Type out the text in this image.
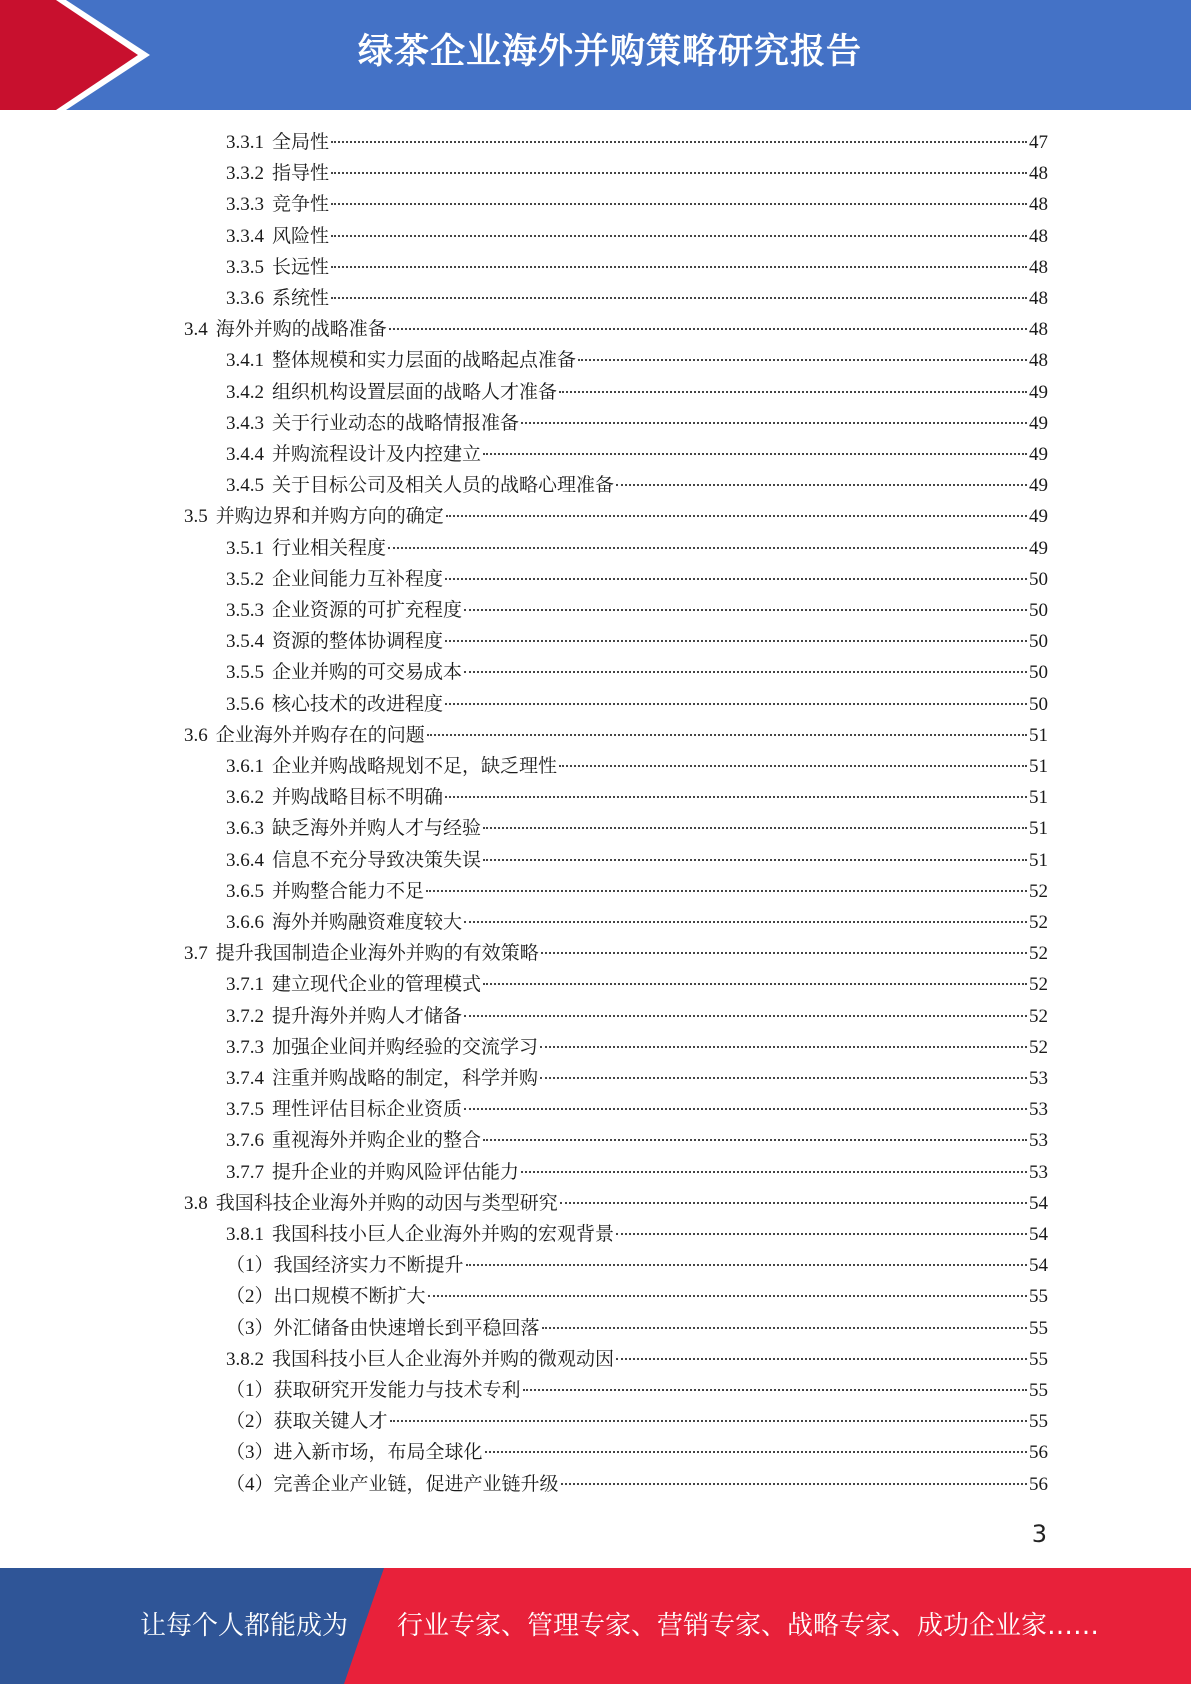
绿茶企业海外并购策略研究报告
3.3.1 全局性	47
3.3.2 指导性	48
3.3.3 竞争性	48
3.3.4 风险性	48
3.3.5 长远性	48
3.3.6 系统性	48
3.4 海外并购的战略准备	48
3.4.1 整体规模和实力层面的战略起点准备	48
3.4.2 组织机构设置层面的战略人才准备	49
3.4.3 关于行业动态的战略情报准备	49
3.4.4 并购流程设计及内控建立	49
3.4.5 关于目标公司及相关人员的战略心理准备	49
3.5 并购边界和并购方向的确定	49
3.5.1 行业相关程度	49
3.5.2 企业间能力互补程度	50
3.5.3 企业资源的可扩充程度	50
3.5.4 资源的整体协调程度	50
3.5.5 企业并购的可交易成本	50
3.5.6 核心技术的改进程度	50
3.6 企业海外并购存在的问题	51
3.6.1 企业并购战略规划不足，缺乏理性	51
3.6.2 并购战略目标不明确	51
3.6.3 缺乏海外并购人才与经验	51
3.6.4 信息不充分导致决策失误	51
3.6.5 并购整合能力不足	52
3.6.6 海外并购融资难度较大	52
3.7 提升我国制造企业海外并购的有效策略	52
3.7.1 建立现代企业的管理模式	52
3.7.2 提升海外并购人才储备	52
3.7.3 加强企业间并购经验的交流学习	52
3.7.4 注重并购战略的制定，科学并购	53
3.7.5 理性评估目标企业资质	53
3.7.6 重视海外并购企业的整合	53
3.7.7 提升企业的并购风险评估能力	53
3.8 我国科技企业海外并购的动因与类型研究	54
3.8.1 我国科技小巨人企业海外并购的宏观背景	54
（1） 我国经济实力不断提升	54
（2） 出口规模不断扩大	55
（3） 外汇储备由快速增长到平稳回落	55
3.8.2 我国科技小巨人企业海外并购的微观动因	55
（1） 获取研究开发能力与技术专利	55
（2） 获取关键人才	55
（3） 进入新市场，布局全球化	56
（4） 完善企业产业链，促进产业链升级	56
3
让每个人都能成为 行业专家、管理专家、营销专家、战略专家、成功企业家……
